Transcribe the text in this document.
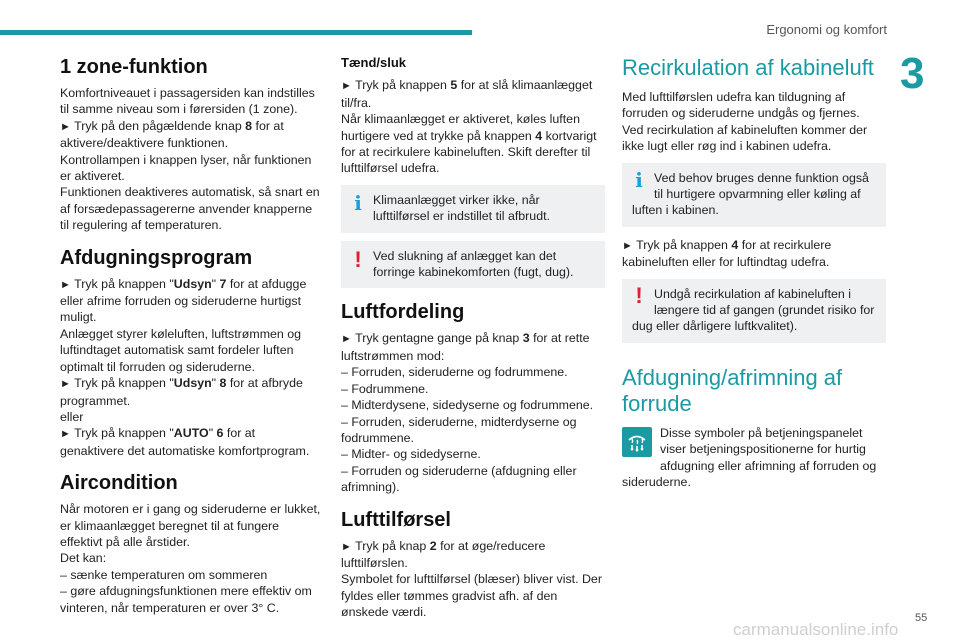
Ergonomi og komfort
3
1 zone-funktion

Komfortniveauet i passagersiden kan indstilles til samme niveau som i førersiden (1 zone).

► Tryk på den pågældende knap 8 for at aktivere/deaktivere funktionen.

Kontrollampen i knappen lyser, når funktionen er aktiveret.

Funktionen deaktiveres automatisk, så snart en af forsædepassagererne anvender knapperne til regulering af temperaturen.

Afdugningsprogram

► Tryk på knappen "Udsyn" 7 for at afdugge eller afrime forruden og sideruderne hurtigst muligt.

Anlægget styrer køleluften, luftstrømmen og luftindtaget automatisk samt fordeler luften optimalt til forruden og sideruderne.

► Tryk på knappen "Udsyn" 8 for at afbryde programmet.

eller

► Tryk på knappen "AUTO" 6 for at genaktivere det automatiske komfortprogram.

Aircondition

Når motoren er i gang og sideruderne er lukket, er klimaanlægget beregnet til at fungere effektivt på alle årstider.

Det kan:

– sænke temperaturen om sommeren

– gøre afdugningsfunktionen mere effektiv om vinteren, når temperaturen er over 3° C.

Tænd/sluk

► Tryk på knappen 5 for at slå klimaanlægget til/fra.

Når klimaanlægget er aktiveret, køles luften hurtigere ved at trykke på knappen 4 kortvarigt for at recirkulere kabineluften. Skift derefter til lufttilførsel udefra.

i Klimaanlægget virker ikke, når lufttilførsel er indstillet til afbrudt.

! Ved slukning af anlægget kan det forringe kabinekomforten (fugt, dug).

Luftfordeling

► Tryk gentagne gange på knap 3 for at rette luftstrømmen mod:

– Forruden, sideruderne og fodrummene.

– Fodrummene.

– Midterdysene, sidedyserne og fodrummene.

– Forruden, sideruderne, midterdyserne og fodrummene.

– Midter- og sidedyserne.

– Forruden og sideruderne (afdugning eller afrimning).

Lufttilførsel

► Tryk på knap 2 for at øge/reducere lufttilførslen.

Symbolet for lufttilførsel (blæser) bliver vist. Der fyldes eller tømmes gradvist afh. af den ønskede værdi.

Recirkulation af kabineluft

Med lufttilførslen udefra kan tildugning af forruden og sideruderne undgås og fjernes.

Ved recirkulation af kabineluften kommer der ikke lugt eller røg ind i kabinen udefra.

i Ved behov bruges denne funktion også til hurtigere opvarmning eller køling af luften i kabinen.

► Tryk på knappen 4 for at recirkulere kabineluften eller for luftindtag udefra.

! Undgå recirkulation af kabineluften i længere tid af gangen (grundet risiko for dug eller dårligere luftkvalitet).

Afdugning/afrimning af forrude

Disse symboler på betjeningspanelet viser betjeningspositionerne for hurtig afdugning eller afrimning af forruden og sideruderne.

carmanualsonline.info
55
